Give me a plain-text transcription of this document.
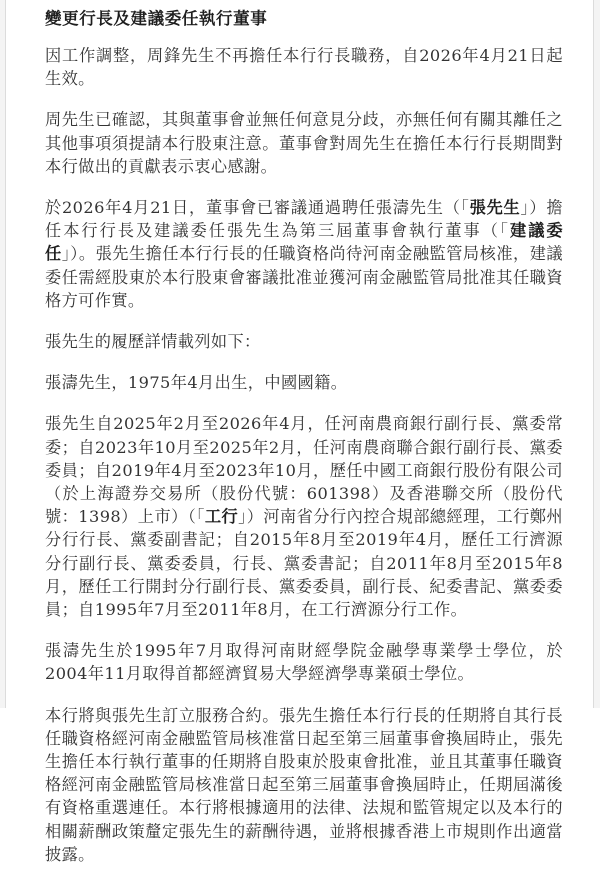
變更行長及建議委任執行董事

因工作調整，周鋒先生不再擔任本行行長職務，自2026年4月21日起生效。

周先生已確認，其與董事會並無任何意見分歧，亦無任何有關其離任之其他事項須提請本行股東注意。董事會對周先生在擔任本行行長期間對本行做出的貢獻表示衷心感謝。

於2026年4月21日，董事會已審議通過聘任張濤先生（「張先生」）擔任本行行長及建議委任張先生為第三屆董事會執行董事（「建議委任」）。張先生擔任本行行長的任職資格尚待河南金融監管局核准，建議委任需經股東於本行股東會審議批准並獲河南金融監管局批准其任職資格方可作實。

張先生的履歷詳情載列如下：

張濤先生，1975年4月出生，中國國籍。

張先生自2025年2月至2026年4月，任河南農商銀行副行長、黨委常委；自2023年10月至2025年2月，任河南農商聯合銀行副行長、黨委委員；自2019年4月至2023年10月，歷任中國工商銀行股份有限公司（於上海證券交易所（股份代號：601398）及香港聯交所（股份代號：1398）上市）（「工行」）河南省分行內控合規部總經理，工行鄭州分行行長、黨委副書記；自2015年8月至2019年4月，歷任工行濟源分行副行長、黨委委員，行長、黨委書記；自2011年8月至2015年8月，歷任工行開封分行副行長、黨委委員，副行長、紀委書記、黨委委員；自1995年7月至2011年8月，在工行濟源分行工作。

張濤先生於1995年7月取得河南財經學院金融學專業學士學位，於2004年11月取得首都經濟貿易大學經濟學專業碩士學位。

本行將與張先生訂立服務合約。張先生擔任本行行長的任期將自其行長任職資格經河南金融監管局核准當日起至第三屆董事會換屆時止，張先生擔任本行執行董事的任期將自股東於股東會批准，並且其董事任職資格經河南金融監管局核准當日起至第三屆董事會換屆時止，任期屆滿後有資格重選連任。本行將根據適用的法律、法規和監管規定以及本行的相關薪酬政策釐定張先生的薪酬待遇，並將根據香港上市規則作出適當披露。
